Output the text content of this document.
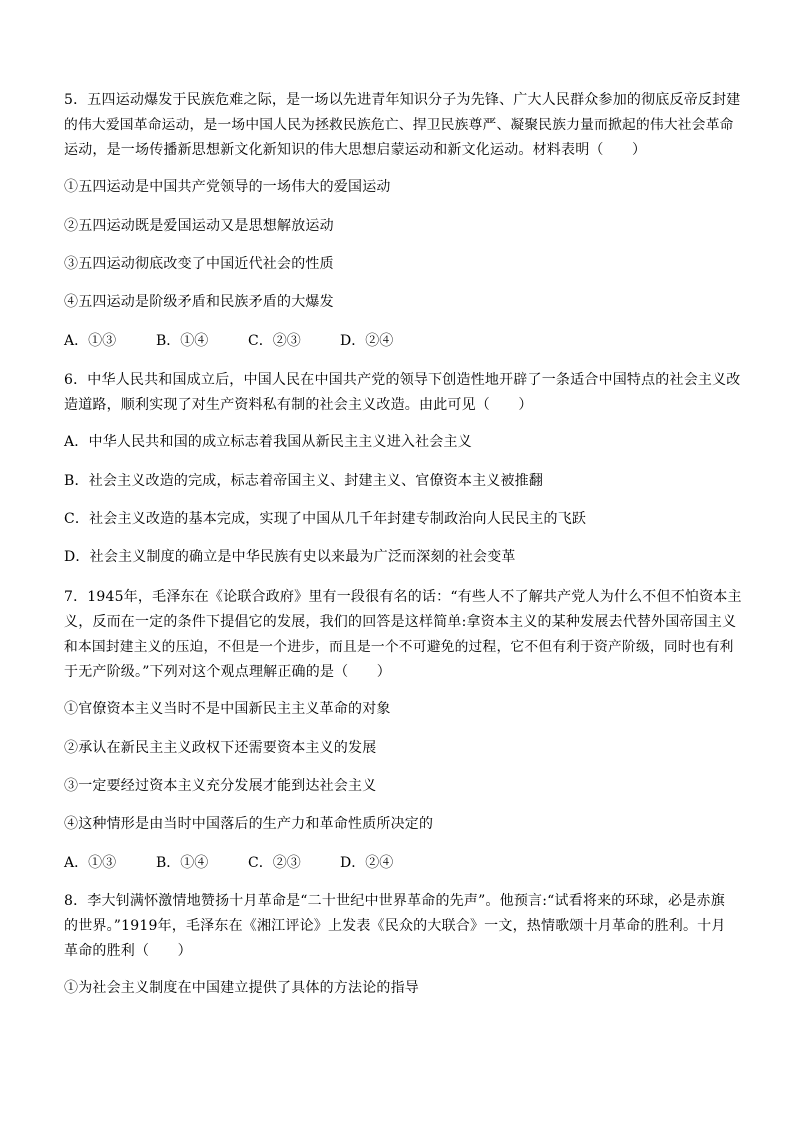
5．五四运动爆发于民族危难之际，是一场以先进青年知识分子为先锋、广大人民群众参加的彻底反帝反封建
的伟大爱国革命运动，是一场中国人民为拯救民族危亡、捍卫民族尊严、凝聚民族力量而掀起的伟大社会革命
运动，是一场传播新思想新文化新知识的伟大思想启蒙运动和新文化运动。材料表明（　　）
①五四运动是中国共产党领导的一场伟大的爱国运动
②五四运动既是爱国运动又是思想解放运动
③五四运动彻底改变了中国近代社会的性质
④五四运动是阶级矛盾和民族矛盾的大爆发
A．①③	B．①④	C．②③	D．②④
6．中华人民共和国成立后，中国人民在中国共产党的领导下创造性地开辟了一条适合中国特点的社会主义改
造道路，顺利实现了对生产资料私有制的社会主义改造。由此可见（　　）
A．中华人民共和国的成立标志着我国从新民主主义进入社会主义
B．社会主义改造的完成，标志着帝国主义、封建主义、官僚资本主义被推翻
C．社会主义改造的基本完成，实现了中国从几千年封建专制政治向人民民主的飞跃
D．社会主义制度的确立是中华民族有史以来最为广泛而深刻的社会变革
7．1945年，毛泽东在《论联合政府》里有一段很有名的话：“有些人不了解共产党人为什么不但不怕资本主
义，反而在一定的条件下提倡它的发展，我们的回答是这样简单:拿资本主义的某种发展去代替外国帝国主义
和本国封建主义的压迫，不但是一个进步，而且是一个不可避免的过程，它不但有利于资产阶级，同时也有利
于无产阶级。”下列对这个观点理解正确的是（　　）
①官僚资本主义当时不是中国新民主主义革命的对象
②承认在新民主主义政权下还需要资本主义的发展
③一定要经过资本主义充分发展才能到达社会主义
④这种情形是由当时中国落后的生产力和革命性质所决定的
A．①③	B．①④	C．②③	D．②④
8．李大钊满怀激情地赞扬十月革命是“二十世纪中世界革命的先声”。他预言:“试看将来的环球，必是赤旗
的世界。”1919年，毛泽东在《湘江评论》上发表《民众的大联合》一文，热情歌颂十月革命的胜利。十月
革命的胜利（　　）
①为社会主义制度在中国建立提供了具体的方法论的指导
